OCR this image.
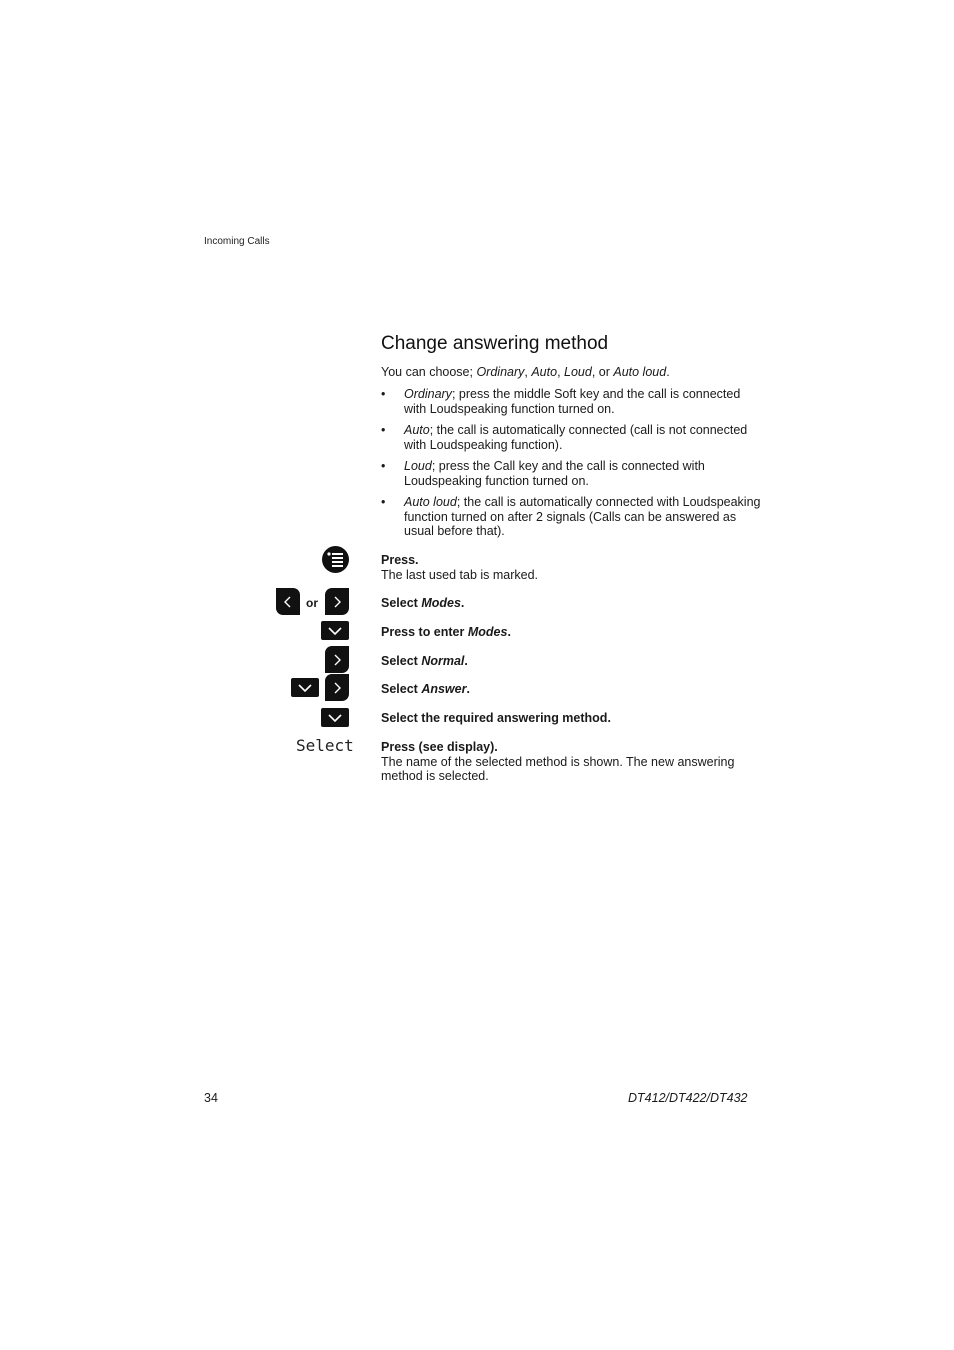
Incoming Calls
Change answering method
You can choose; Ordinary, Auto, Loud, or Auto loud.
• Ordinary; press the middle Soft key and the call is connected with Loudspeaking function turned on.
• Auto; the call is automatically connected (call is not connected with Loudspeaking function).
• Loud; press the Call key and the call is connected with Loudspeaking function turned on.
• Auto loud; the call is automatically connected with Loudspeaking function turned on after 2 signals (Calls can be answered as usual before that).
Press.
The last used tab is marked.
or	Select Modes.
Press to enter Modes.
Select Normal.
Select Answer.
Select the required answering method.
Select Press (see display).
The name of the selected method is shown. The new answering method is selected.
34	DT412/DT422/DT432
